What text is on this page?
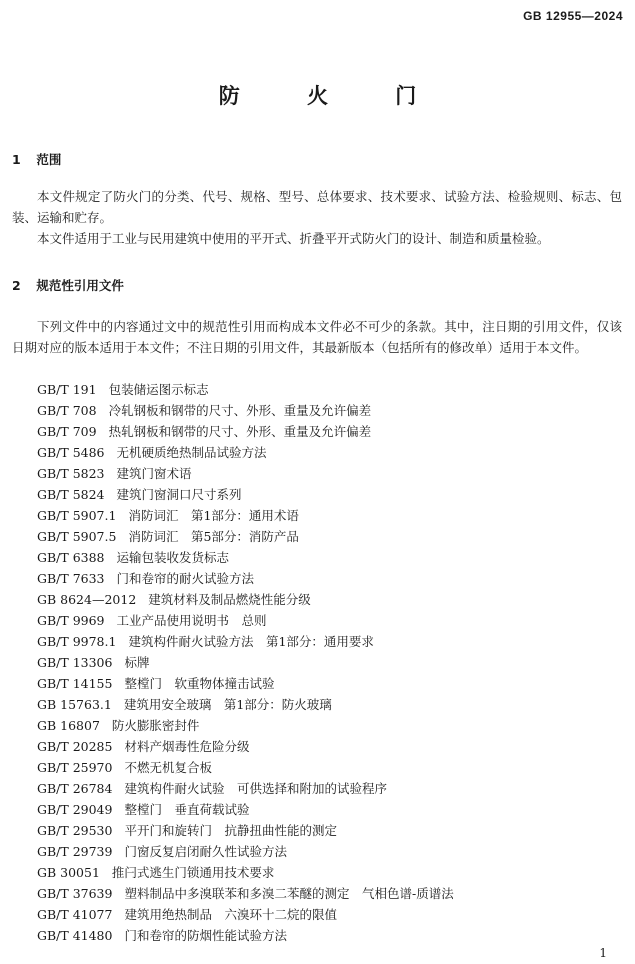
GB 12955—2024
防 火 门
1 范围

本文件规定了防火门的分类、代号、规格、型号、总体要求、技术要求、试验方法、检验规则、标志、包装、运输和贮存。

本文件适用于工业与民用建筑中使用的平开式、折叠平开式防火门的设计、制造和质量检验。

2 规范性引用文件

下列文件中的内容通过文中的规范性引用而构成本文件必不可少的条款。其中，注日期的引用文件，仅该日期对应的版本适用于本文件；不注日期的引用文件，其最新版本（包括所有的修改单）适用于本文件。

GB/T 191 包装储运图示标志
GB/T 708 冷轧钢板和钢带的尺寸、外形、重量及允许偏差
GB/T 709 热轧钢板和钢带的尺寸、外形、重量及允许偏差
GB/T 5486 无机硬质绝热制品试验方法
GB/T 5823 建筑门窗术语
GB/T 5824 建筑门窗洞口尺寸系列
GB/T 5907.1 消防词汇　第1部分：通用术语
GB/T 5907.5 消防词汇　第5部分：消防产品
GB/T 6388 运输包装收发货标志
GB/T 7633 门和卷帘的耐火试验方法
GB 8624—2012 建筑材料及制品燃烧性能分级
GB/T 9969 工业产品使用说明书　总则
GB/T 9978.1 建筑构件耐火试验方法　第1部分：通用要求
GB/T 13306 标牌
GB/T 14155 整樘门　软重物体撞击试验
GB 15763.1 建筑用安全玻璃　第1部分：防火玻璃
GB 16807 防火膨胀密封件
GB/T 20285 材料产烟毒性危险分级
GB/T 25970 不燃无机复合板
GB/T 26784 建筑构件耐火试验　可供选择和附加的试验程序
GB/T 29049 整樘门　垂直荷载试验
GB/T 29530 平开门和旋转门　抗静扭曲性能的测定
GB/T 29739 门窗反复启闭耐久性试验方法
GB 30051 推闩式逃生门锁通用技术要求
GB/T 37639 塑料制品中多溴联苯和多溴二苯醚的测定　气相色谱-质谱法
GB/T 41077 建筑用绝热制品　六溴环十二烷的限值
GB/T 41480 门和卷帘的防烟性能试验方法
1
